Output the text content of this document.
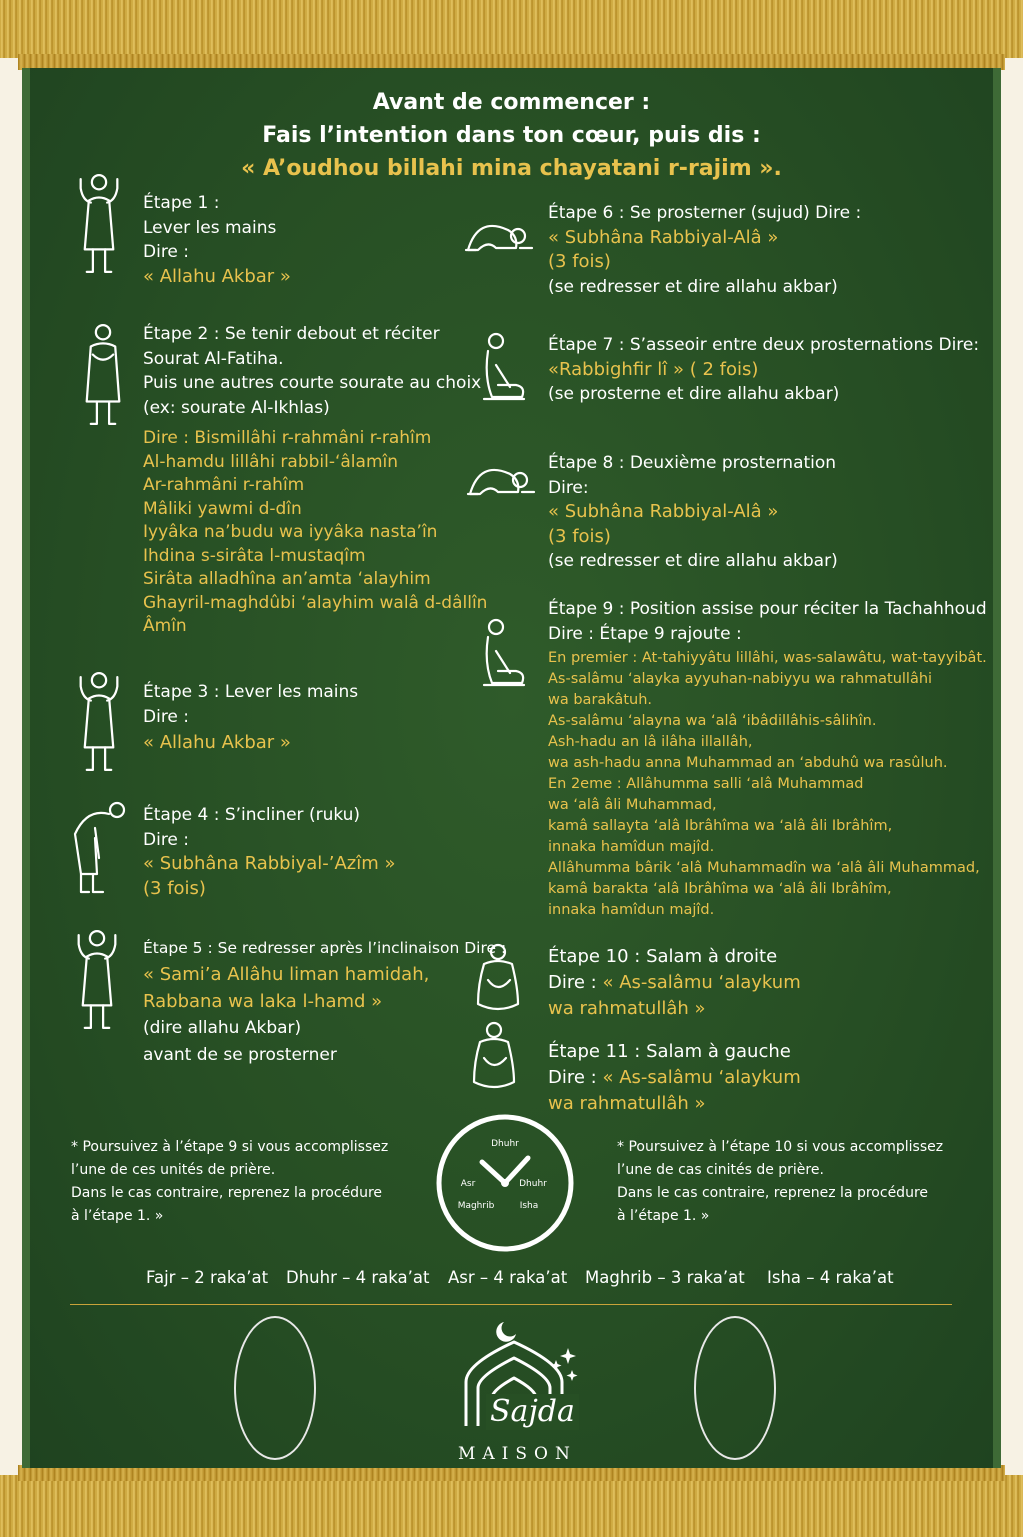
Avant de commencer :
Fais l’intention dans ton cœur, puis dis :
« A’oudhou billahi mina chayatani r-rajim ».
Étape 1 :
Lever les mains
Dire :
« Allahu Akbar »
Étape 2 : Se tenir debout et réciter
Sourat Al-Fatiha.
Puis une autres courte sourate au choix
(ex: sourate Al-Ikhlas)
Dire : Bismillâhi r-rahmâni r-rahîm
Al-hamdu lillâhi rabbil-‘âlamîn
Ar-rahmâni r-rahîm
Mâliki yawmi d-dîn
Iyyâka na’budu wa iyyâka nasta’în
Ihdina s-sirâta l-mustaqîm
Sirâta alladhîna an’amta ‘alayhim
Ghayril-maghdûbi ‘alayhim walâ d-dâllîn
Âmîn
Étape 3 : Lever les mains
Dire :
« Allahu Akbar »
Étape 4 : S’incliner (ruku)
Dire :
« Subhâna Rabbiyal-’Azîm »
(3 fois)
Étape 5 : Se redresser après l’inclinaison Dire :
« Sami’a Allâhu liman hamidah,
Rabbana wa laka l-hamd »
(dire allahu Akbar)
avant de se prosterner
Étape 6 : Se prosterner (sujud) Dire :
« Subhâna Rabbiyal-Alâ »
(3 fois)
(se redresser et dire allahu akbar)
Étape 7 : S’asseoir entre deux prosternations Dire:
«Rabbighfir lî » ( 2 fois)
(se prosterne et dire allahu akbar)
Étape 8 : Deuxième prosternation
Dire:
« Subhâna Rabbiyal-Alâ »
(3 fois)
(se redresser et dire allahu akbar)
Étape 9 : Position assise pour réciter la Tachahhoud
Dire : Étape 9 rajoute :
En premier : At-tahiyyâtu lillâhi, was-salawâtu, wat-tayyibât.
As-salâmu ‘alayka ayyuhan-nabiyyu wa rahmatullâhi
wa barakâtuh.
As-salâmu ‘alayna wa ‘alâ ‘ibâdillâhis-sâlihîn.
Ash-hadu an lâ ilâha illallâh,
wa ash-hadu anna Muhammad an ‘abduhû wa rasûluh.
En 2eme : Allâhumma salli ‘alâ Muhammad
wa ‘alâ âli Muhammad,
kamâ sallayta ‘alâ Ibrâhîma wa ‘alâ âli Ibrâhîm,
innaka hamîdun majîd.
Allâhumma bârik ‘alâ Muhammadîn wa ‘alâ âli Muhammad,
kamâ barakta ‘alâ Ibrâhîma wa ‘alâ âli Ibrâhîm,
innaka hamîdun majîd.
Étape 10 : Salam à droite
Dire : « As-salâmu ‘alaykum
wa rahmatullâh »
Étape 11 : Salam à gauche
Dire : « As-salâmu ‘alaykum
wa rahmatullâh »
* Poursuivez à l’étape 9 si vous accomplissez
l’une de ces unités de prière.
Dans le cas contraire, reprenez la procédure
à l’étape 1. »
* Poursuivez à l’étape 10 si vous accomplissez
l’une de cas cinités de prière.
Dans le cas contraire, reprenez la procédure
à l’étape 1. »
Dhuhr
Asr	Dhuhr
Maghrib	Isha
Fajr – 2 raka’at Dhuhr – 4 raka’at Asr – 4 raka’at Maghrib – 3 raka’at Isha – 4 raka’at
Sajda
MAISON
